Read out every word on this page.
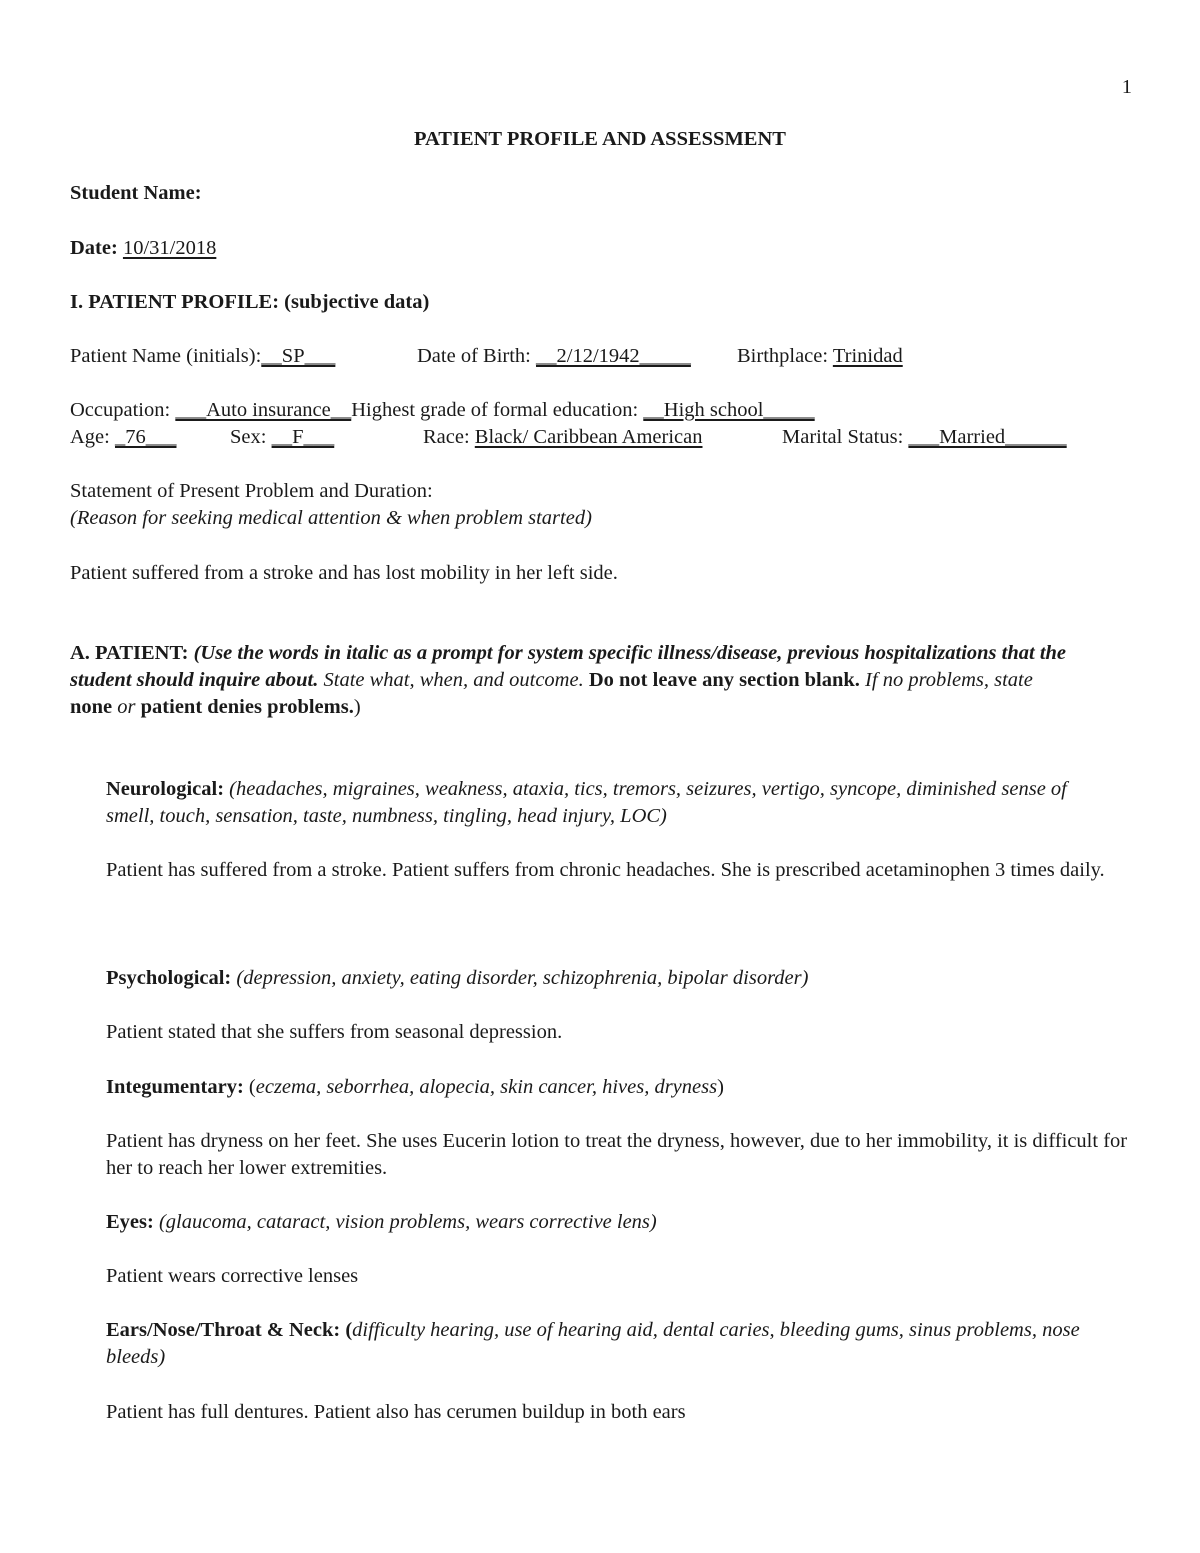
1
PATIENT PROFILE AND ASSESSMENT
Student Name:
Date: 10/31/2018
I. PATIENT PROFILE: (subjective data)
Patient Name (initials):__SP___	Date of Birth: __2/12/1942_____ Birthplace: Trinidad
Occupation: ___Auto insurance__Highest grade of formal education: __High school_____
Age: _76___	Sex: __F___	Race: Black/ Caribbean American	Marital Status: ___Married______
Statement of Present Problem and Duration:
(Reason for seeking medical attention & when problem started)
Patient suffered from a stroke and has lost mobility in her left side.
A. PATIENT: (Use the words in italic as a prompt for system specific illness/disease, previous hospitalizations that the student should inquire about. State what, when, and outcome. Do not leave any section blank. If no problems, state none or patient denies problems.)
Neurological: (headaches, migraines, weakness, ataxia, tics, tremors, seizures, vertigo, syncope, diminished sense of smell, touch, sensation, taste, numbness, tingling, head injury, LOC)
Patient has suffered from a stroke. Patient suffers from chronic headaches. She is prescribed acetaminophen 3 times daily.
Psychological: (depression, anxiety, eating disorder, schizophrenia, bipolar disorder)
Patient stated that she suffers from seasonal depression.
Integumentary: (eczema, seborrhea, alopecia, skin cancer, hives, dryness)
Patient has dryness on her feet. She uses Eucerin lotion to treat the dryness, however, due to her immobility, it is difficult for her to reach her lower extremities.
Eyes: (glaucoma, cataract, vision problems, wears corrective lens)
Patient wears corrective lenses
Ears/Nose/Throat & Neck: (difficulty hearing, use of hearing aid, dental caries, bleeding gums, sinus problems, nose bleeds)
Patient has full dentures. Patient also has cerumen buildup in both ears
